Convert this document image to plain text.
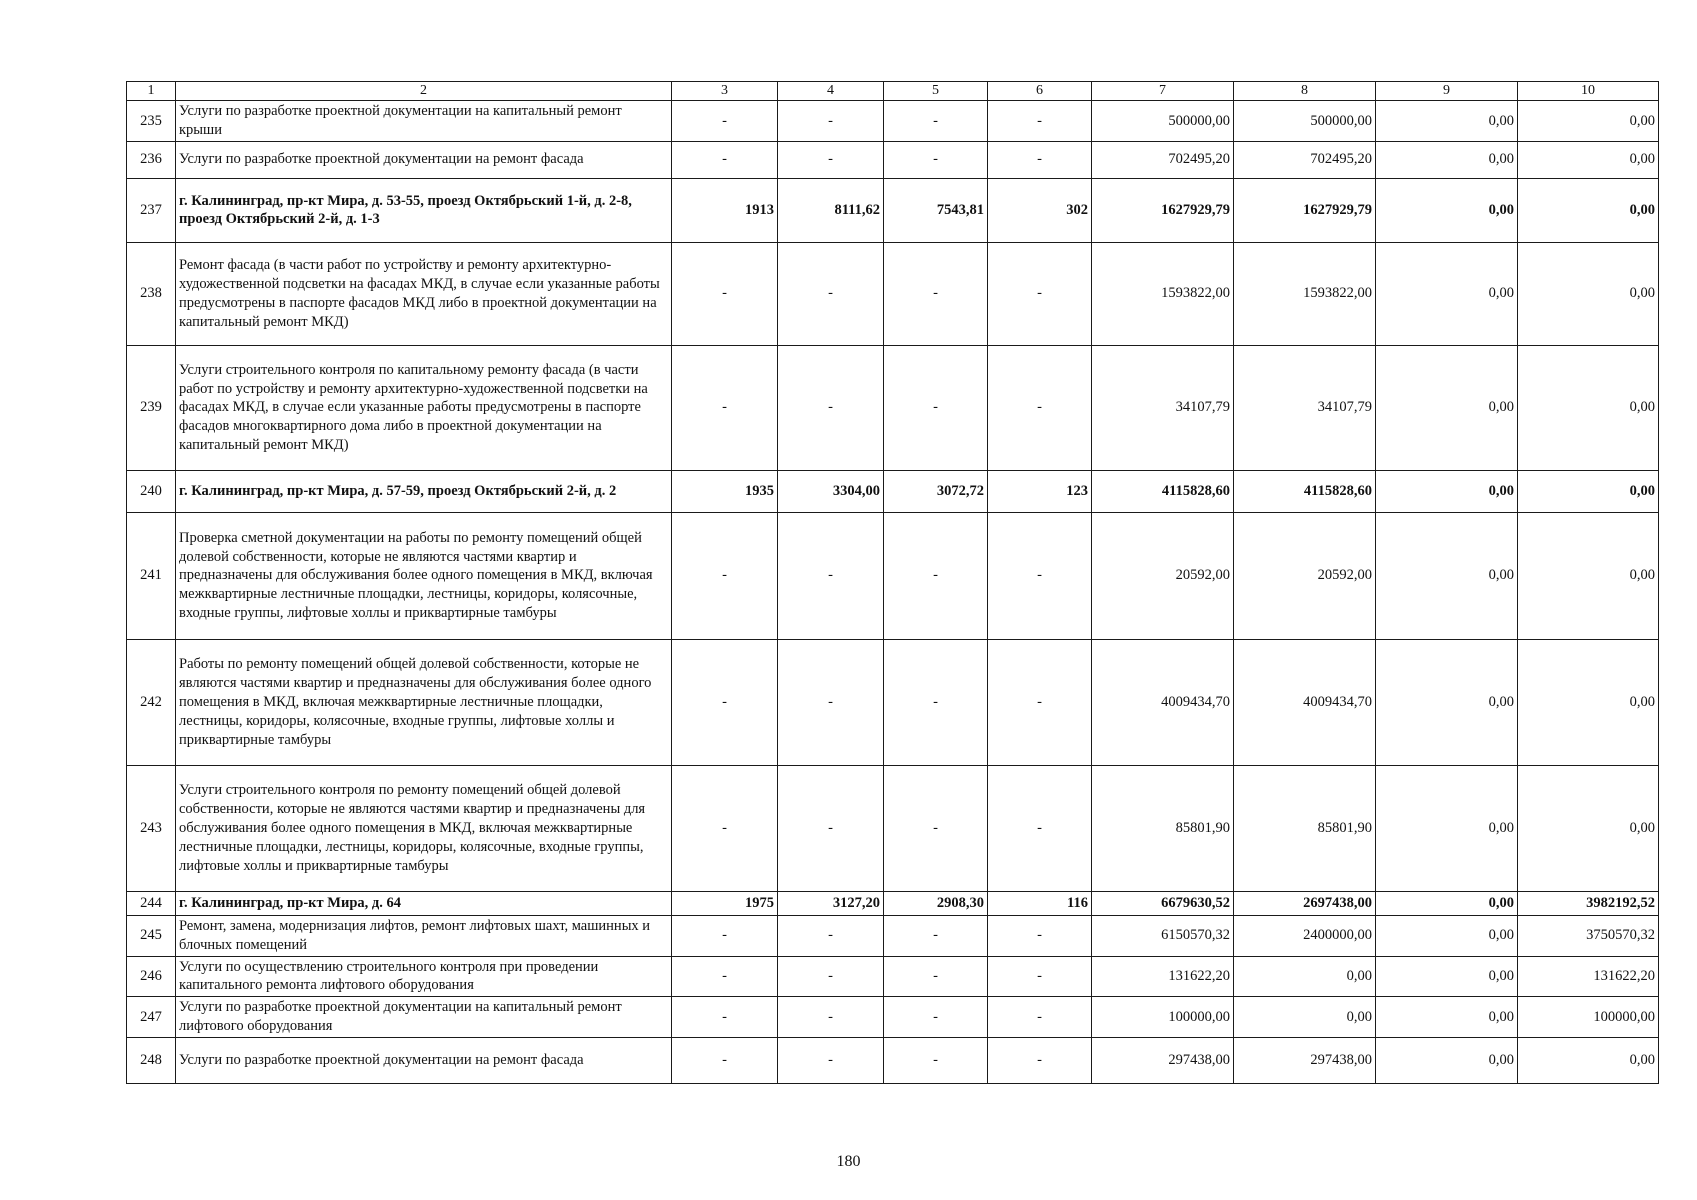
1	2	3	4	5	6	7	8	9	10
235	Услуги по разработке проектной документации на капитальный ремонт крыши	-	-	-	-	500000,00	500000,00	0,00	0,00
236	Услуги по разработке проектной документации на ремонт фасада	-	-	-	-	702495,20	702495,20	0,00	0,00
237	г. Калининград, пр-кт Мира, д. 53-55, проезд Октябрьский 1-й, д. 2-8, проезд Октябрьский 2-й, д. 1-3	1913	8111,62	7543,81	302	1627929,79	1627929,79	0,00	0,00
238	Ремонт фасада (в части работ по устройству и ремонту архитектурно-художественной подсветки на фасадах МКД, в случае если указанные работы предусмотрены в паспорте фасадов МКД либо в проектной документации на капитальный ремонт МКД)	-	-	-	-	1593822,00	1593822,00	0,00	0,00
239	Услуги строительного контроля по капитальному ремонту фасада (в части работ по устройству и ремонту архитектурно-художественной подсветки на фасадах МКД, в случае если указанные работы предусмотрены в паспорте фасадов многоквартирного дома либо в проектной документации на капитальный ремонт МКД)	-	-	-	-	34107,79	34107,79	0,00	0,00
240	г. Калининград, пр-кт Мира, д. 57-59, проезд Октябрьский 2-й, д. 2	1935	3304,00	3072,72	123	4115828,60	4115828,60	0,00	0,00
241	Проверка сметной документации на работы по ремонту помещений общей долевой собственности, которые не являются частями квартир и предназначены для обслуживания более одного помещения в МКД, включая межквартирные лестничные площадки, лестницы, коридоры, колясочные, входные группы, лифтовые холлы и приквартирные тамбуры	-	-	-	-	20592,00	20592,00	0,00	0,00
242	Работы по ремонту помещений общей долевой собственности, которые не являются частями квартир и предназначены для обслуживания более одного помещения в МКД, включая межквартирные лестничные площадки, лестницы, коридоры, колясочные, входные группы, лифтовые холлы и приквартирные тамбуры	-	-	-	-	4009434,70	4009434,70	0,00	0,00
243	Услуги строительного контроля по ремонту помещений общей долевой собственности, которые не являются частями квартир и предназначены для обслуживания более одного помещения в МКД, включая межквартирные лестничные площадки, лестницы, коридоры, колясочные, входные группы, лифтовые холлы и приквартирные тамбуры	-	-	-	-	85801,90	85801,90	0,00	0,00
244	г. Калининград, пр-кт Мира, д. 64	1975	3127,20	2908,30	116	6679630,52	2697438,00	0,00	3982192,52
245	Ремонт, замена, модернизация лифтов, ремонт лифтовых шахт, машинных и блочных помещений	-	-	-	-	6150570,32	2400000,00	0,00	3750570,32
246	Услуги по осуществлению строительного контроля при проведении капитального ремонта лифтового оборудования	-	-	-	-	131622,20	0,00	0,00	131622,20
247	Услуги по разработке проектной документации на капитальный ремонт лифтового оборудования	-	-	-	-	100000,00	0,00	0,00	100000,00
248	Услуги по разработке проектной документации на ремонт фасада	-	-	-	-	297438,00	297438,00	0,00	0,00
180
